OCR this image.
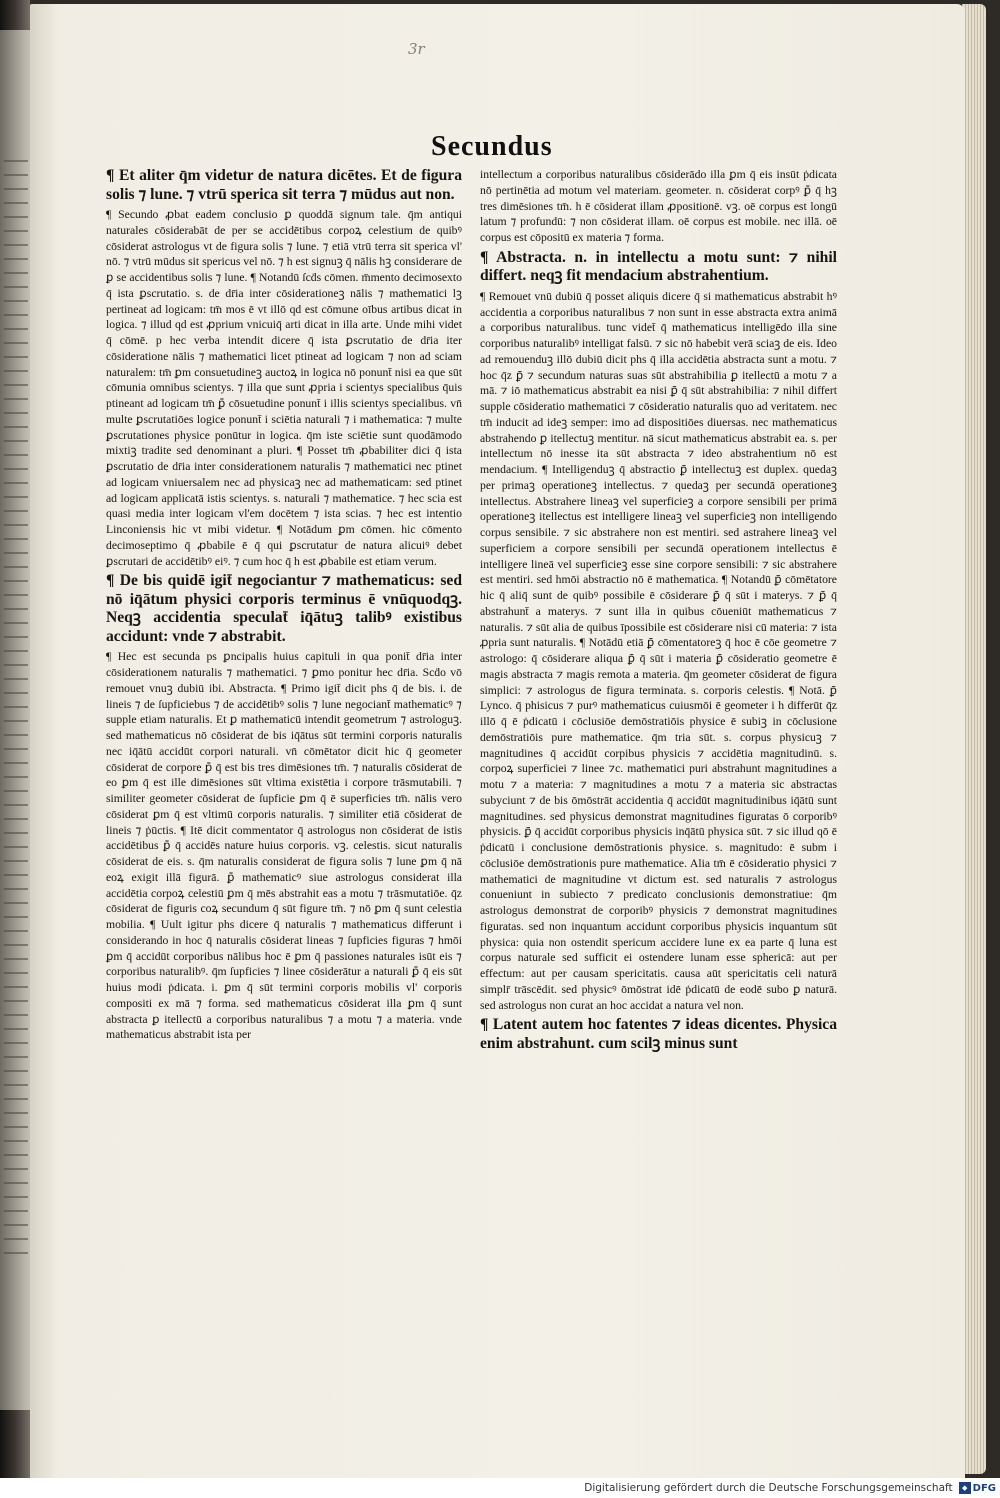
3r
Secundus

¶ Et aliter q̄m videtur de natura dicētes. Et de figura solis ⁊ lune. ⁊ vtrū sperica sit terra ⁊ mūdus aut non.

¶ Secundo ꝓbat eadem conclusio ꝑ quoddā signum tale. q̄m antiqui naturales cōsiderabāt de per se accidētibus corpoꝝ celestium de quibꝰ cōsiderat astrologus vt de figura solis ⁊ lune. ⁊ etiā vtrū terra sit sperica vl' nō. ⁊ vtrū mūdus sit spericus vel nō. ⁊ h est signuꝫ q̄ nālis hꝫ considerare de ꝑ se accidentibus solis ⁊ lune. ¶ Notandū ſcḋs cōmen. m̄mento decimosexto q̄ ista ꝑscrutatio. s. de dr̄ia inter cōsiderationeꝫ nālis ⁊ mathematici lꝫ pertineat ad logicam: tm̄ mos ē vt illō qd est cōmune oībus artibus dicat in logica. ⁊ illud qd est ꝓprium vnicuiq̄ arti dicat in illa arte. Unde mihi videt q̄ cōmē. p hec verba intendit dicere q̄ ista ꝑscrutatio de dr̄ia iter cōsideratione nālis ⁊ mathematici licet ptineat ad logicam ⁊ non ad sciam naturalem: tm̄ ꝑm consuetudineꝫ auctoꝝ in logica nō ponunt̄ nisi ea que sūt cōmunia omnibus scientys. ⁊ illa que sunt ꝓpria i scientys specialibus q̄uis ptineant ad logicam tm̄ ꝑ̄ cōsuetudine ponunt̄ i illis scientys specialibus. vn̄ multe ꝑscrutatiōes logice ponunt̄ i sciētia naturali ⁊ i mathematica: ⁊ multe ꝑscrutationes physice ponūtur in logica. q̄m iste sciētie sunt quodāmodo mixtiꝫ tradite sed denominant a pluri. ¶ Posset tm̄ ꝓbabiliter dici q̄ ista ꝑscrutatio de dr̄ia inter considerationem naturalis ⁊ mathematici nec ptinet ad logicam vniuersalem nec ad physicaꝫ nec ad mathematicam: sed ptinet ad logicam applicatā istis scientys. s. naturali ⁊ mathematice. ⁊ hec scia est quasi media inter logicam vl'em docētem ⁊ ista scias. ⁊ hec est intentio Linconiensis hic vt mibi videtur. ¶ Notādum ꝑm cōmen. hic cōmento decimoseptimo q̄ ꝓbabile ē q̄ qui ꝑscrutatur de natura alicuiꝰ debet ꝑscrutari de accidētibꝰ eiꝰ. ⁊ cum hoc q̄ h est ꝓbabile est etiam verum.

¶ De bis quidē igit̄ negociantur ⁊ mathematicus: sed nō iq̄ātum physici corporis terminus ē vnūquodqꝫ. Neqꝫ accidentia speculat̄ iq̄ātuꝫ talibꝰ existibus accidunt: vnde ⁊ abstrabit.

¶ Hec est secunda ps ꝑncipalis huius capituli in qua ponit̄ dr̄ia inter cōsiderationem naturalis ⁊ mathematici. ⁊ ꝑmo ponitur hec dr̄ia. Scḋo vō remouet vnuꝫ dubiū ibi. Abstracta. ¶ Primo igit̄ dicit phs q̄ de bis. i. de lineis ⁊ de ſupficiebus ⁊ de accidētibꝰ solis ⁊ lune negociant̄ mathematicꝰ ⁊ supple etiam naturalis. Et ꝑ mathematicū intendit geometrum ⁊ astrologuꝫ. sed mathematicus nō cōsiderat de bis iq̄ātus sūt termini corporis naturalis nec iq̄ātū accidūt corpori naturali. vn̄ cōmētator dicit hic q̄ geometer cōsiderat de corpore ꝑ̄ q̄ est bis tres dimēsiones tm̄. ⁊ naturalis cōsiderat de eo ꝑm q̄ est ille dimēsiones sūt vltima existētia i corpore trāsmutabili. ⁊ similiter geometer cōsiderat de ſupficie ꝑm q̄ ē superficies tm̄. nālis vero cōsiderat ꝑm q̄ est vltimū corporis naturalis. ⁊ similiter etiā cōsiderat de lineis ⁊ ṗūctis. ¶ Itē dicit commentator q̄ astrologus non cōsiderat de istis accidētibus ꝑ̄ q̄ accidēs nature huius corporis. vꝫ. celestis. sicut naturalis cōsiderat de eis. s. q̄m naturalis considerat de figura solis ⁊ lune ꝑm q̄ nā eoꝝ exigit illā figurā. ꝑ̄ mathematicꝰ siue astrologus considerat illa accidētia corpoꝝ celestiū ꝑm q̄ mēs abstrahit eas a motu ⁊ trāsmutatiōe. q̄z cōsiderat de figuris coꝝ secundum q̄ sūt figure tm̄. ⁊ nō ꝑm q̄ sunt celestia mobilia. ¶ Uult igitur phs dicere q̄ naturalis ⁊ mathematicus differunt i considerando in hoc q̄ naturalis cōsiderat lineas ⁊ ſupficies figuras ⁊ hmōi ꝑm q̄ accidūt corporibus nālibus hoc ē ꝑm q̄ passiones naturales isūt eis ⁊ corporibus naturalibꝰ. q̄m ſupficies ⁊ linee cōsiderātur a naturali ꝑ̄ q̄ eis sūt huius modi ṗdicata. i. ꝑm q̄ sūt termini corporis mobilis vl' corporis compositi ex mā ⁊ forma. sed mathematicus cōsiderat illa ꝑm q̄ sunt abstracta ꝑ itellectū a corporibus naturalibus ⁊ a motu ⁊ a materia. vnde mathematicus abstrabit ista per

intellectum a corporibus naturalibus cōsiderādo illa ꝑm q̄ eis insūt ṗdicata nō pertinētia ad motum vel materiam. geometer. n. cōsiderat corpꝰ ꝑ̄ q̄ hꝫ tres dimēsiones tm̄. h ē cōsiderat illam ꝓpositionē. vꝫ. oē corpus est longū latum ⁊ profundū: ⁊ non cōsiderat illam. oē corpus est mobile. nec illā. oē corpus est cōpositū ex materia ⁊ forma.

¶ Abstracta. n. in intellectu a motu sunt: ⁊ nihil differt. neqꝫ fit mendacium abstrahentium.

¶ Remouet vnū dubiū q̄ posset aliquis dicere q̄ si mathematicus abstrabit hꝰ accidentia a corporibus naturalibus ⁊ non sunt in esse abstracta extra animā a corporibus naturalibus. tunc videt̄ q̄ mathematicus intelligēdo illa sine corporibus naturalibꝰ intelligat falsū. ⁊ sic nō habebit verā sciaꝫ de eis. Ideo ad remouenduꝫ illō dubiū dicit phs q̄ illa accidētia abstracta sunt a motu. ⁊ hoc q̄z ꝑ̄ ⁊ secundum naturas suas sūt abstrahibilia ꝑ itellectū a motu ⁊ a mā. ⁊ iō mathematicus abstrabit ea nisi ꝑ̄ q̄ sūt abstrahibilia: ⁊ nihil differt supple cōsideratio mathematici ⁊ cōsideratio naturalis quo ad veritatem. nec tm̄ inducit ad ideꝫ semper: imo ad dispositiōes diuersas. nec mathematicus abstrahendo ꝑ itellectuꝫ mentitur. nā sicut mathematicus abstrabit ea. s. per intellectum nō inesse ita sūt abstracta ⁊ ideo abstrahentium nō est mendacium. ¶ Intelligenduꝫ q̄ abstractio ꝑ̄ intellectuꝫ est duplex. quedaꝫ per primaꝫ operationeꝫ intellectus. ⁊ quedaꝫ per secundā operationeꝫ intellectus. Abstrahere lineaꝫ vel superficieꝫ a corpore sensibili per primā operationeꝫ itellectus est intelligere lineaꝫ vel superficieꝫ non intelligendo corpus sensibile. ⁊ sic abstrahere non est mentiri. sed astrahere lineaꝫ vel superficiem a corpore sensibili per secundā operationem intellectus ē intelligere lineā vel superficieꝫ esse sine corpore sensibili: ⁊ sic abstrahere est mentiri. sed hmōi abstractio nō ē mathematica. ¶ Notandū ꝑ̄ cōmētatore hic q̄ aliq̄ sunt de quibꝰ possibile ē cōsiderare ꝑ̄ q̄ sūt i materys. ⁊ ꝑ̄ q̄ abstrahunt̄ a materys. ⁊ sunt illa in quibus cōueniūt mathematicus ⁊ naturalis. ⁊ sūt alia de quibus īpossibile est cōsiderare nisi cū materia: ⁊ ista ꝓpria sunt naturalis. ¶ Notādū etiā ꝑ̄ cōmentatoreꝫ q̄ hoc ē cōe geometre ⁊ astrologo: q̄ cōsiderare aliqua ꝑ̄ q̄ sūt i materia ꝑ̄ cōsideratio geometre ē magis abstracta ⁊ magis remota a materia. q̄m geometer cōsiderat de figura simplici: ⁊ astrologus de figura terminata. s. corporis celestis. ¶ Notā. ꝑ̄ Lynco. q̄ phisicus ⁊ purꝰ mathematicus cuiusmōi ē geometer i h differūt q̄z illō q̄ ē ṗdicatū i cōclusiōe demōstratiōis physice ē subiꝫ in cōclusione demōstratiōis pure mathematice. q̄m tria sūt. s. corpus physicuꝫ ⁊ magnitudines q̄ accidūt corpibus physicis ⁊ accidētia magnitudinū. s. corpoꝝ superficiei ⁊ linee ⁊c. mathematici puri abstrahunt magnitudines a motu ⁊ a materia: ⁊ magnitudines a motu ⁊ a materia sic abstractas subyciunt ⁊ de bis ōmōstrāt accidentia q̄ accidūt magnitudinibus iq̄ātū sunt magnitudines. sed physicus demonstrat magnitudines figuratas ō corporibꝰ physicis. ꝑ̄ q̄ accidūt corporibus physicis inq̄ātū physica sūt. ⁊ sic illud qō ē ṗdicatū i conclusione demōstrationis physice. s. magnitudo: ē subm i cōclusiōe demōstrationis pure mathematice. Alia tm̄ ē cōsideratio physici ⁊ mathematici de magnitudine vt dictum est. sed naturalis ⁊ astrologus conueniunt in subiecto ⁊ predicato conclusionis demonstratiue: q̄m astrologus demonstrat de corporibꝰ physicis ⁊ demonstrat magnitudines figuratas. sed non inquantum accidunt corporibus physicis inquantum sūt physica: quia non ostendit spericum accidere lune ex ea parte q̄ luna est corpus naturale sed sufficit ei ostendere lunam esse sphericā: aut per effectum: aut per causam spericitatis. causa aūt spericitatis celi naturā simplr̄ trāscēdit. sed physicꝰ ōmōstrat idē ṗdicatū de eodē subo ꝑ naturā. sed astrologus non curat an hoc accidat a natura vel non.

¶ Latent autem hoc fatentes ⁊ ideas dicentes. Physica enim abstrahunt. cum scilꝫ minus sunt

Digitalisierung gefördert durch die Deutsche Forschungsgemeinschaft	◆ DFG
